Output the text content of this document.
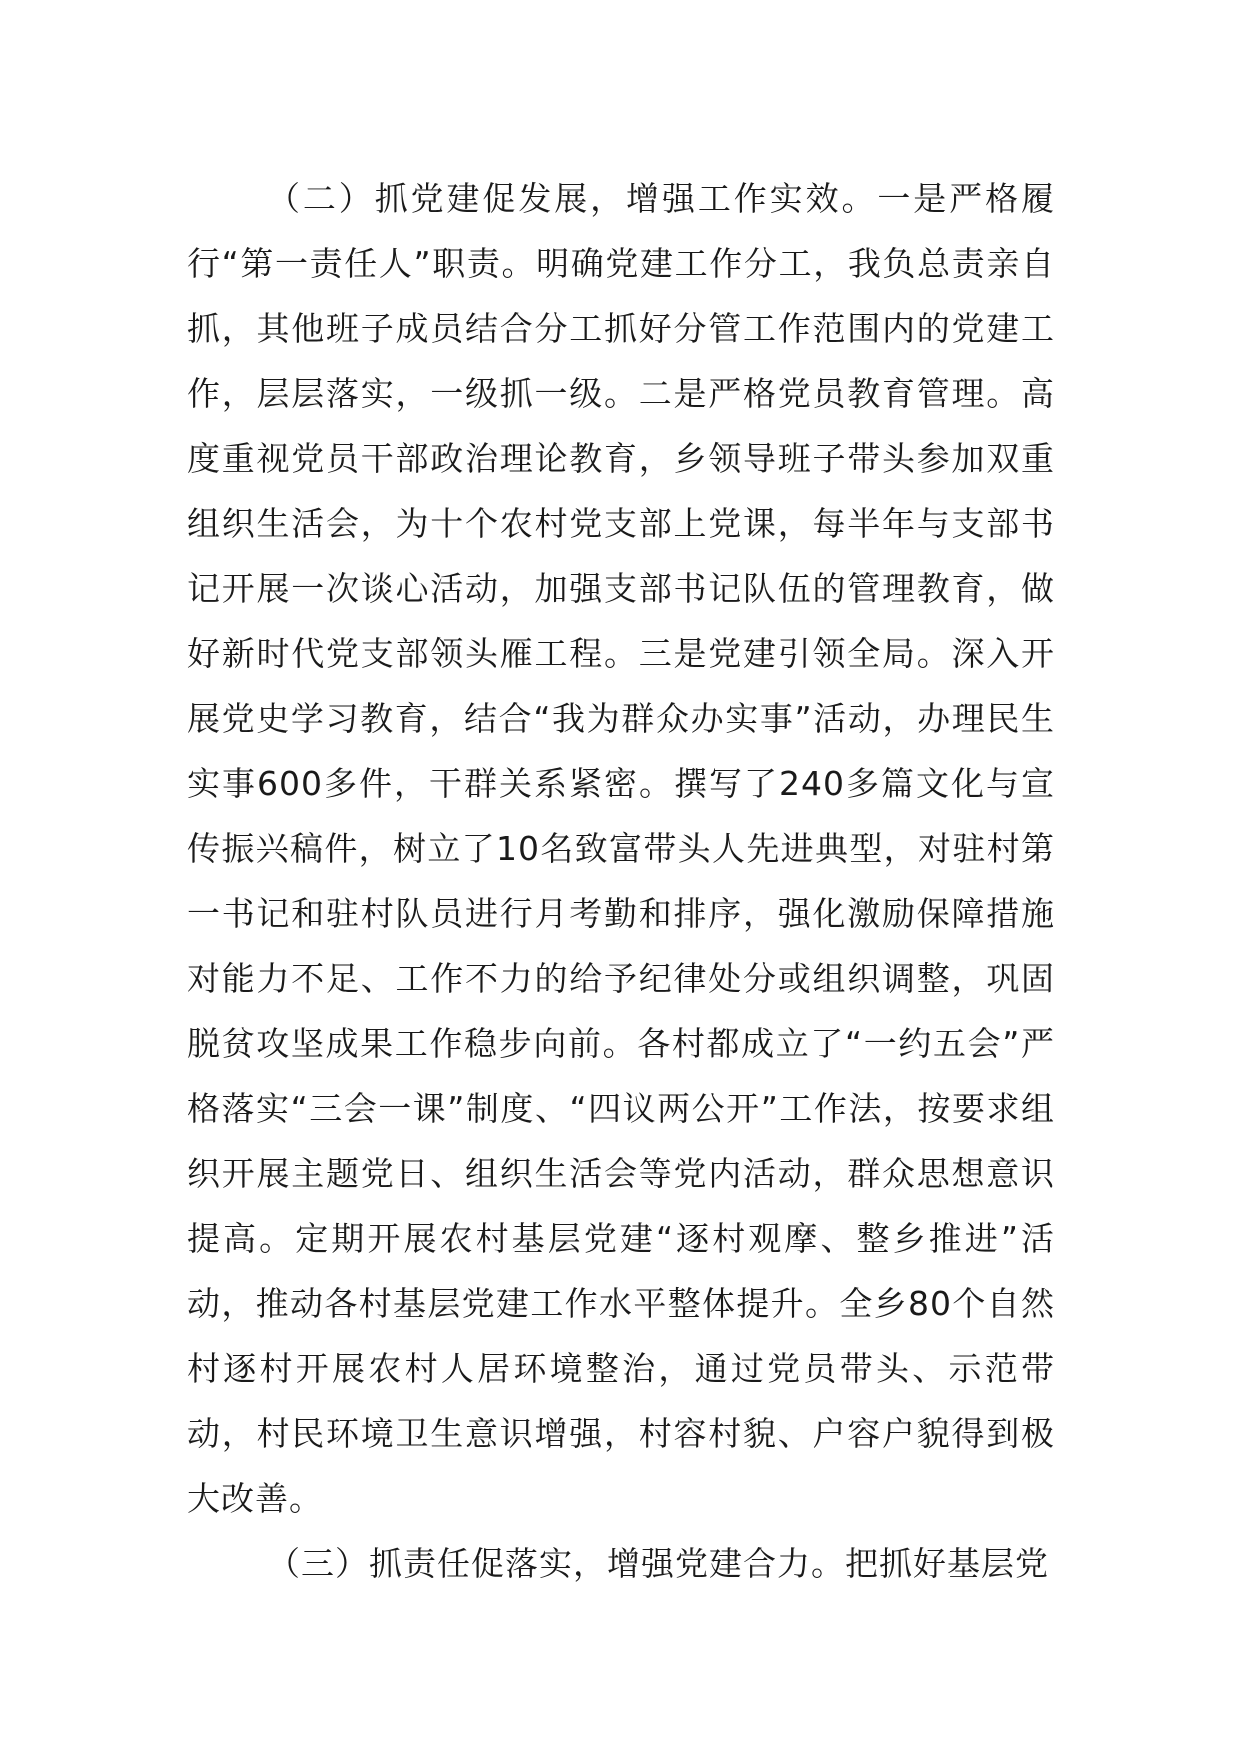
（二）抓党建促发展，增强工作实效。一是严格履行“第一责任人”职责。明确党建工作分工，我负总责亲自抓，其他班子成员结合分工抓好分管工作范围内的党建工作，层层落实，一级抓一级。二是严格党员教育管理。高度重视党员干部政治理论教育，乡领导班子带头参加双重组织生活会，为十个农村党支部上党课，每半年与支部书记开展一次谈心活动，加强支部书记队伍的管理教育，做好新时代党支部领头雁工程。三是党建引领全局。深入开展党史学习教育，结合“我为群众办实事”活动，办理民生实事600多件，干群关系紧密。撰写了240多篇文化与宣传振兴稿件，树立了10名致富带头人先进典型，对驻村第一书记和驻村队员进行月考勤和排序，强化激励保障措施对能力不足、工作不力的给予纪律处分或组织调整，巩固脱贫攻坚成果工作稳步向前。各村都成立了“一约五会”严格落实“三会一课”制度、“四议两公开”工作法，按要求组织开展主题党日、组织生活会等党内活动，群众思想意识提高。定期开展农村基层党建“逐村观摩、整乡推进”活动，推动各村基层党建工作水平整体提升。全乡80个自然村逐村开展农村人居环境整治，通过党员带头、示范带动，村民环境卫生意识增强，村容村貌、户容户貌得到极大改善。

（三）抓责任促落实，增强党建合力。把抓好基层党
